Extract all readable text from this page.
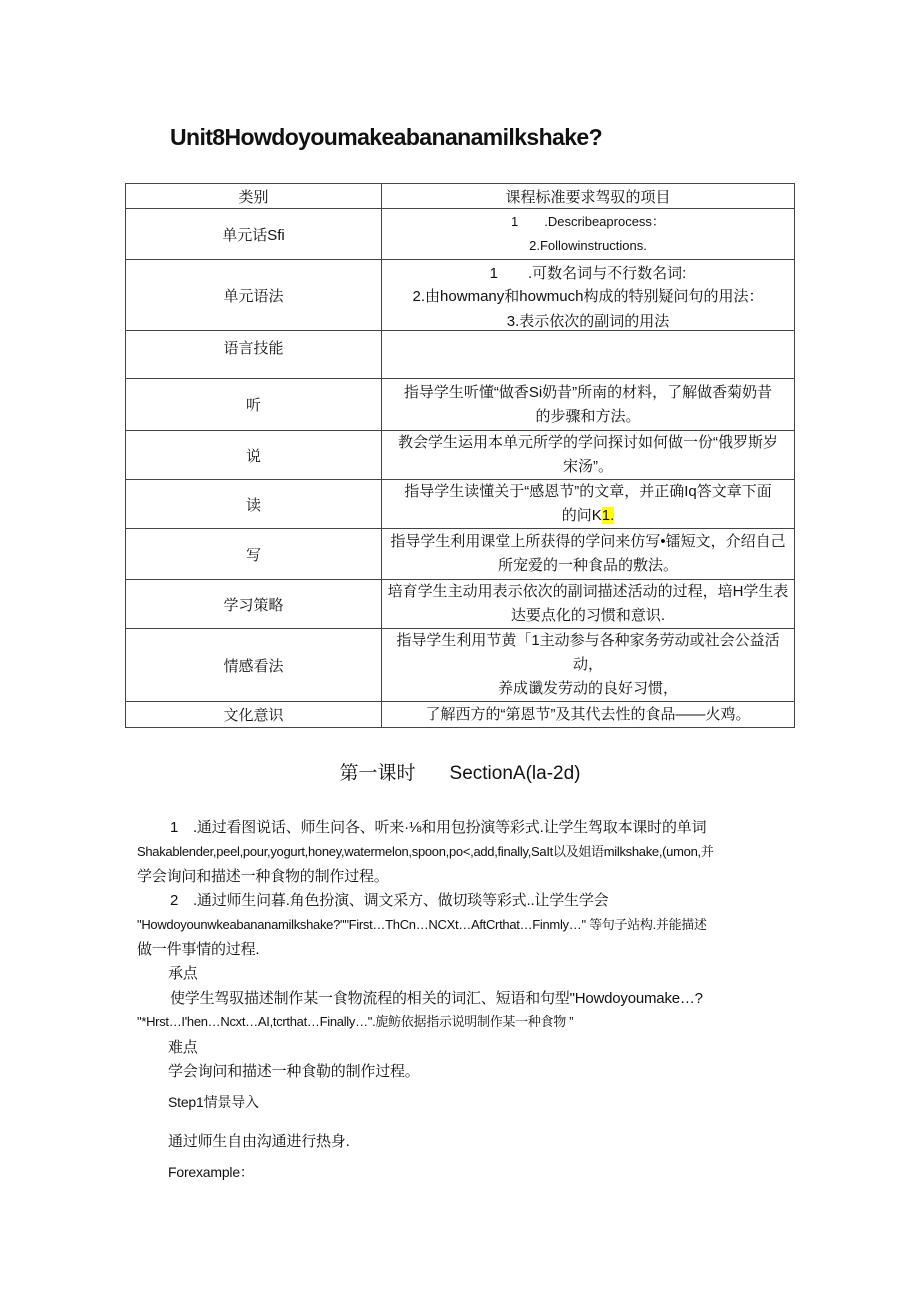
Unit8Howdoyoumakeabananamilkshake?
类别	课程标准要求驾驭的项目
单元话Sfi	1  .Describeaprocess：
2.Followinstructions.

单元语法	1  .可数名词与不行数名词:
2.由howmany和howmuch构成的特别疑问句的用法：
3.表示依次的副词的用法

语言技能	
听	指导学生听懂“做香Si奶昔”所南的材料，了解做香菊奶昔
的步骤和方法。

说	教会学生运用本单元所学的学问探讨如何做一份“俄罗斯岁
宋汤”。

读	指导学生读懂关于“感恩节”的文章，并正确Iq答文章下面
的问K1.

写	指导学生利用课堂上所获得的学问来仿写•镭短文，介绍自己
所宠爱的一种食品的敷法。

学习策略	培育学生主动用表示依次的副词描述活动的过程，培H学生表
达要点化的习惯和意识.

情感看法	指导学生利用节黄「1主动参与各种家务劳动或社会公益活动，
养成谶发劳动的良好习惯，

文化意识	了解西方的“第恩节”及其代去性的食品——火鸡。
第一课时 SectionA(la-2d)
1 .通过看图说话、师生问各、听来·⅛和用包扮演等彩式.让学生驾取本课时的单词
Shakablender,peel,pour,yogurt,honey,watermelon,spoon,po<,add,finally,SaIt以及姐语milkshake,(umon,并
学会询问和描述一种食物的制作过程。
2 .通过师生问暮.角色扮演、调文采方、做切琰等彩式..让学生学会
"Howdoyounwkeabananamilkshake?""First…ThCn…NCXt…AftCrthat…Finmly…" 等句子站构.并能描述
做一件事情的过程.
承点
使学生驾驭描述制作某一食物流程的相关的词汇、短语和句型"Howdoyoumake…?
"*Hrst…I'hen…Ncxt…AI,tcrthat…Finally…".旎鲂依据指示说明制作某一种食物 ”
难点
学会询问和描述一种食勒的制作过程。
Step1情景导入
通过师生自由沟通进行热身.
Forexample：
